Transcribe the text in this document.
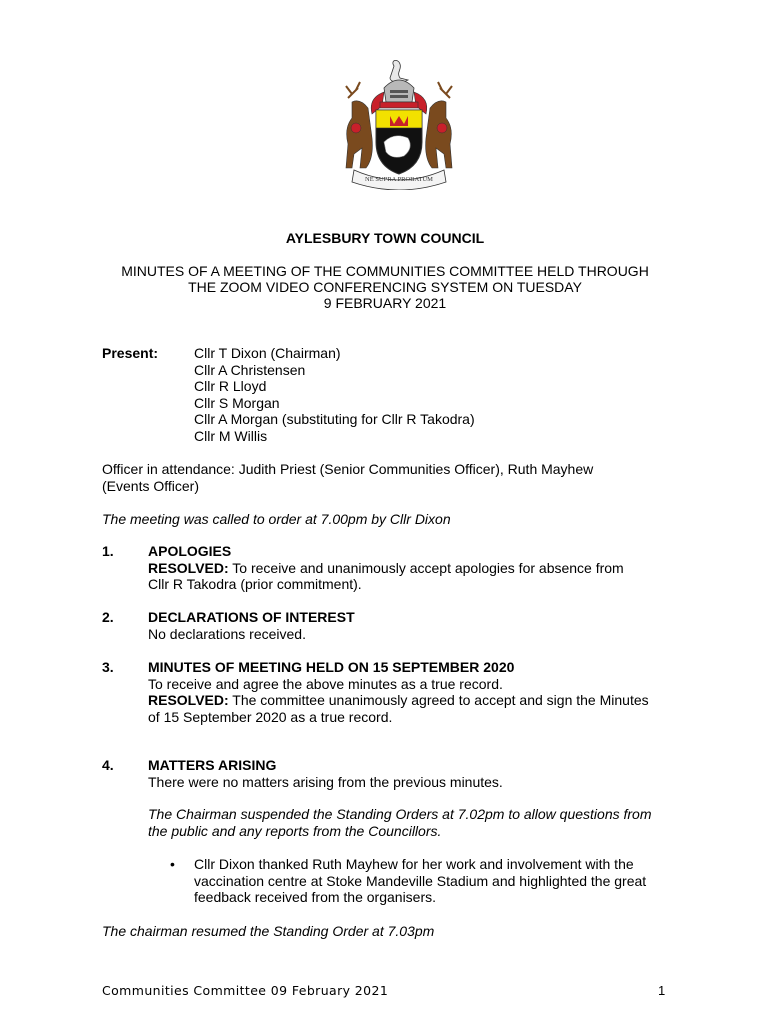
NE SUPRA PROBATUM
AYLESBURY TOWN COUNCIL
MINUTES OF A MEETING OF THE COMMUNITIES COMMITTEE HELD THROUGH
THE ZOOM VIDEO CONFERENCING SYSTEM ON TUESDAY
9 FEBRUARY 2021
Present:	Cllr T Dixon (Chairman)
Cllr A Christensen
Cllr R Lloyd
Cllr S Morgan
Cllr A Morgan (substituting for Cllr R Takodra)
Cllr M Willis
Officer in attendance: Judith Priest (Senior Communities Officer), Ruth Mayhew
(Events Officer)
The meeting was called to order at 7.00pm by Cllr Dixon
1. APOLOGIES
RESOLVED: To receive and unanimously accept apologies for absence from
Cllr R Takodra (prior commitment).
2. DECLARATIONS OF INTEREST
No declarations received.
3. MINUTES OF MEETING HELD ON 15 SEPTEMBER 2020
To receive and agree the above minutes as a true record.
RESOLVED: The committee unanimously agreed to accept and sign the Minutes
of 15 September 2020 as a true record.
4. MATTERS ARISING
There were no matters arising from the previous minutes.
The Chairman suspended the Standing Orders at 7.02pm to allow questions from
the public and any reports from the Councillors.
• Cllr Dixon thanked Ruth Mayhew for her work and involvement with the
vaccination centre at Stoke Mandeville Stadium and highlighted the great
feedback received from the organisers.
The chairman resumed the Standing Order at 7.03pm
Communities Committee 09 February 2021	1
